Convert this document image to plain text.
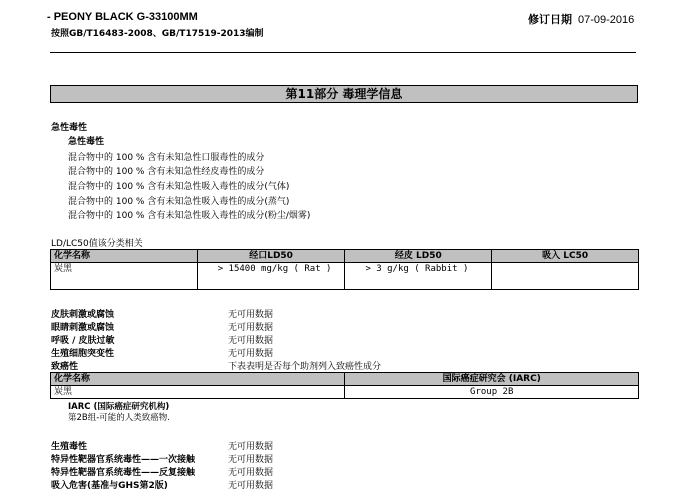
- PEONY BLACK G-33100MM
按照GB/T16483-2008、GB/T17519-2013编制
修订日期 07-09-2016
第11部分 毒理学信息
急性毒性
急性毒性
混合物中的 100 % 含有未知急性口服毒性的成分
混合物中的 100 % 含有未知急性经皮毒性的成分
混合物中的 100 % 含有未知急性吸入毒性的成分(气体)
混合物中的 100 % 含有未知急性吸入毒性的成分(蒸气)
混合物中的 100 % 含有未知急性吸入毒性的成分(粉尘/烟雾)
LD/LC50值该分类相关
化学名称	经口LD50	经皮 LD50	吸入 LC50
炭黑	> 15400 mg/kg ( Rat )	> 3 g/kg ( Rabbit )	
皮肤刺激或腐蚀	无可用数据
眼睛刺激或腐蚀	无可用数据
呼吸 / 皮肤过敏	无可用数据
生殖细胞突变性	无可用数据
致癌性	下表表明是否每个助剂列入致癌性成分
化学名称	国际癌症研究会 (IARC)
炭黑	Group 2B
IARC (国际癌症研究机构)
第2B组-可能的人类致癌物.
生殖毒性	无可用数据
特异性靶器官系统毒性——一次接触	无可用数据
特异性靶器官系统毒性——反复接触	无可用数据
吸入危害(基准与GHS第2版)	无可用数据
